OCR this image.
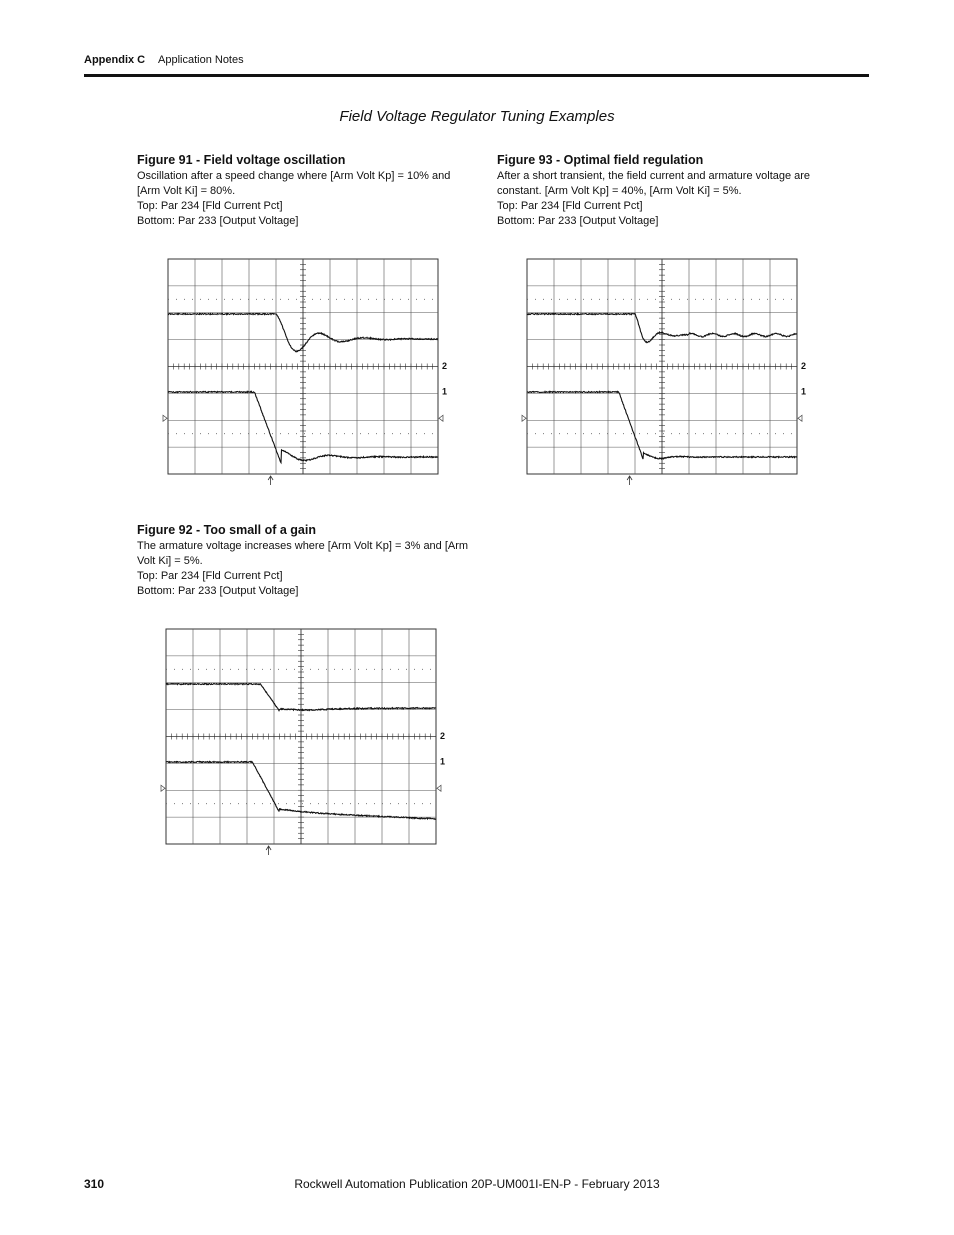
Appendix C Application Notes
Field Voltage Regulator Tuning Examples
Figure 91 - Field voltage oscillation
Oscillation after a speed change where [Arm Volt Kp] = 10% and [Arm Volt Ki] = 80%.
Top: Par 234 [Fld Current Pct]
Bottom: Par 233 [Output Voltage]
Figure 93 - Optimal field regulation
After a short transient, the field current and armature voltage are constant. [Arm Volt Kp] = 40%, [Arm Volt Ki] = 5%.
Top: Par 234 [Fld Current Pct]
Bottom: Par 233 [Output Voltage]
Figure 92 - Too small of a gain
The armature voltage increases where [Arm Volt Kp] = 3% and [Arm Volt Ki] = 5%.
Top: Par 234 [Fld Current Pct]
Bottom: Par 233 [Output Voltage]
2
1
2
1
2
1
310	Rockwell Automation Publication 20P-UM001I-EN-P - February 2013
